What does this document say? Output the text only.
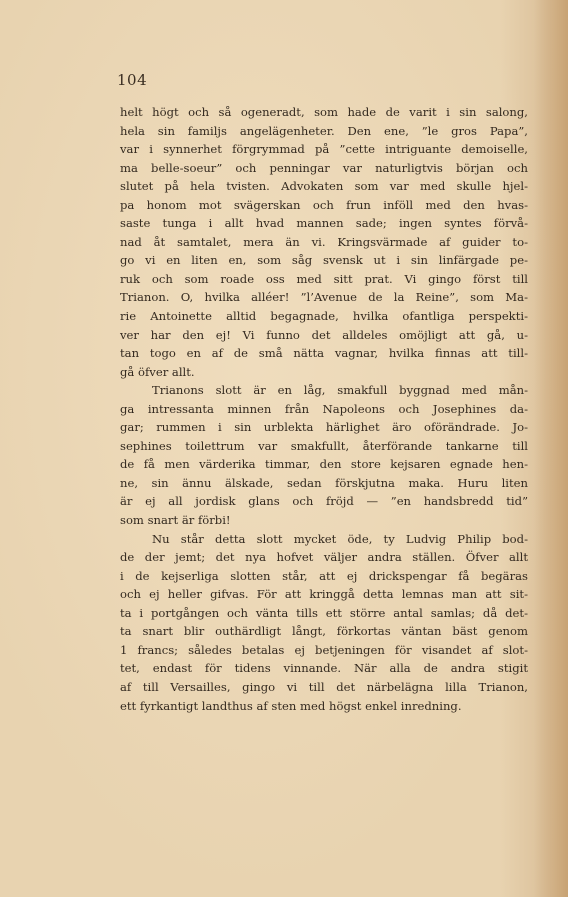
104
helt högt och så ogeneradt, som hade de varit i sin salong,
hela sin familjs angelägenheter. Den ene, ”le gros Papa”,
var i synnerhet förgrymmad på ”cette intriguante demoiselle,
ma belle-soeur” och penningar var naturligtvis början och
slutet på hela tvisten. Advokaten som var med skulle hjel-
pa honom mot svägerskan och frun inföll med den hvas-
saste tunga i allt hvad mannen sade; ingen syntes förvå-
nad åt samtalet, mera än vi. Kringsvärmade af guider to-
go vi en liten en, som såg svensk ut i sin linfärgade pe-
ruk och som roade oss med sitt prat. Vi gingo först till
Trianon. O, hvilka alléer! ”l’Avenue de la Reine”, som Ma-
rie Antoinette alltid begagnade, hvilka ofantliga perspekti-
ver har den ej! Vi funno det alldeles omöjligt att gå, u-
tan togo en af de små nätta vagnar, hvilka finnas att till-
gå öfver allt.
Trianons slott är en låg, smakfull byggnad med mån-
ga intressanta minnen från Napoleons och Josephines da-
gar; rummen i sin urblekta härlighet äro oförändrade. Jo-
sephines toilettrum var smakfullt, återförande tankarne till
de få men värderika timmar, den store kejsaren egnade hen-
ne, sin ännu älskade, sedan förskjutna maka. Huru liten
är ej all jordisk glans och fröjd — ”en handsbredd tid”
som snart är förbi!
Nu står detta slott mycket öde, ty Ludvig Philip bod-
de der jemt; det nya hofvet väljer andra ställen. Öfver allt
i de kejserliga slotten står, att ej drickspengar få begäras
och ej heller gifvas. För att kringgå detta lemnas man att sit-
ta i portgången och vänta tills ett större antal samlas; då det-
ta snart blir outhärdligt långt, förkortas väntan bäst genom
1 francs; således betalas ej betjeningen för visandet af slot-
tet, endast för tidens vinnande. När alla de andra stigit
af till Versailles, gingo vi till det närbelägna lilla Trianon,
ett fyrkantigt landthus af sten med högst enkel inredning.
